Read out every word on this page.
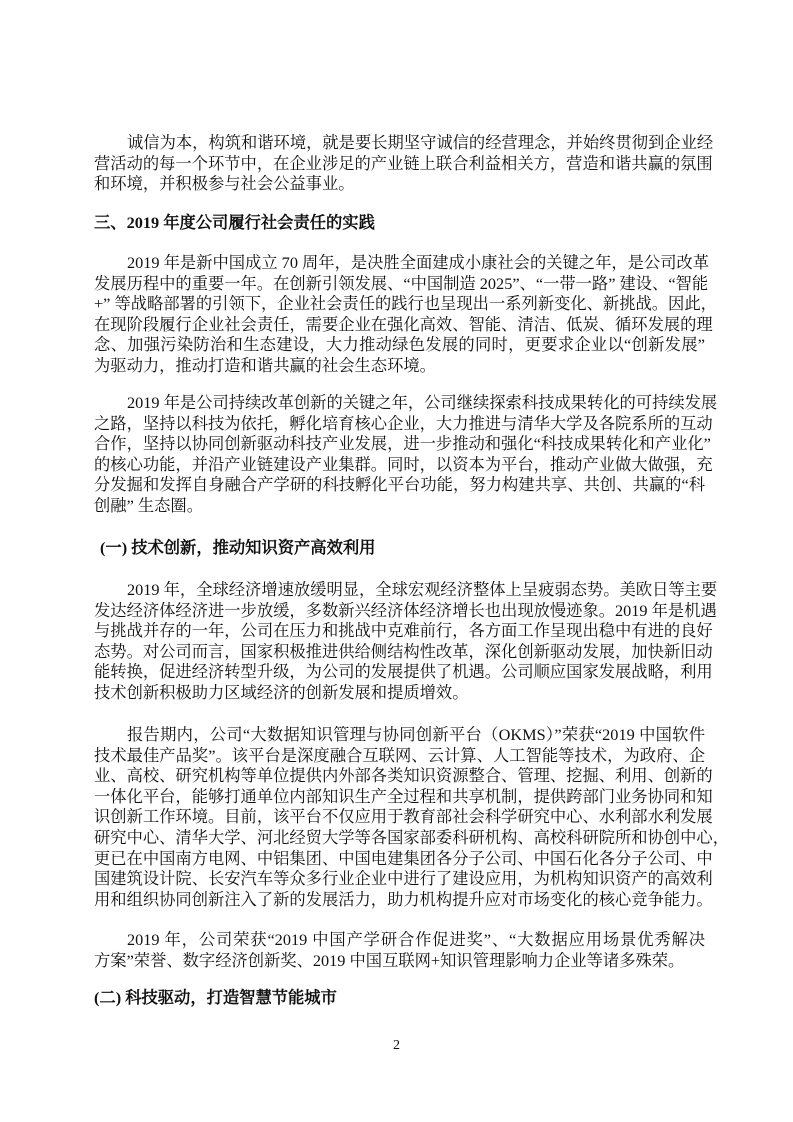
诚信为本，构筑和谐环境，就是要长期坚守诚信的经营理念，并始终贯彻到企业经
营活动的每一个环节中，在企业涉足的产业链上联合利益相关方，营造和谐共赢的氛围
和环境，并积极参与社会公益事业。
三、2019 年度公司履行社会责任的实践
2019 年是新中国成立 70 周年，是决胜全面建成小康社会的关键之年，是公司改革
发展历程中的重要一年。在创新引领发展、“中国制造 2025”、“一带一路” 建设、“智能
+” 等战略部署的引领下，企业社会责任的践行也呈现出一系列新变化、新挑战。因此，
在现阶段履行企业社会责任，需要企业在强化高效、智能、清洁、低炭、循环发展的理
念、加强污染防治和生态建设，大力推动绿色发展的同时，更要求企业以“创新发展”
为驱动力，推动打造和谐共赢的社会生态环境。
2019 年是公司持续改革创新的关键之年，公司继续探索科技成果转化的可持续发展
之路，坚持以科技为依托，孵化培育核心企业，大力推进与清华大学及各院系所的互动
合作，坚持以协同创新驱动科技产业发展，进一步推动和强化“科技成果转化和产业化”
的核心功能，并沿产业链建设产业集群。同时，以资本为平台，推动产业做大做强，充
分发掘和发挥自身融合产学研的科技孵化平台功能，努力构建共享、共创、共赢的“科
创融” 生态圈。
(一) 技术创新，推动知识资产高效利用
2019 年，全球经济增速放缓明显，全球宏观经济整体上呈疲弱态势。美欧日等主要
发达经济体经济进一步放缓，多数新兴经济体经济增长也出现放慢迹象。2019 年是机遇
与挑战并存的一年，公司在压力和挑战中克难前行，各方面工作呈现出稳中有进的良好
态势。对公司而言，国家积极推进供给侧结构性改革，深化创新驱动发展，加快新旧动
能转换，促进经济转型升级，为公司的发展提供了机遇。公司顺应国家发展战略，利用
技术创新积极助力区域经济的创新发展和提质增效。
报告期内，公司“大数据知识管理与协同创新平台（OKMS）”荣获“2019 中国软件
技术最佳产品奖”。该平台是深度融合互联网、云计算、人工智能等技术，为政府、企
业、高校、研究机构等单位提供内外部各类知识资源整合、管理、挖掘、利用、创新的
一体化平台，能够打通单位内部知识生产全过程和共享机制，提供跨部门业务协同和知
识创新工作环境。目前，该平台不仅应用于教育部社会科学研究中心、水利部水利发展
研究中心、清华大学、河北经贸大学等各国家部委科研机构、高校科研院所和协创中心，
更已在中国南方电网、中铝集团、中国电建集团各分子公司、中国石化各分子公司、中
国建筑设计院、长安汽车等众多行业企业中进行了建设应用，为机构知识资产的高效利
用和组织协同创新注入了新的发展活力，助力机构提升应对市场变化的核心竞争能力。
2019 年，公司荣获“2019 中国产学研合作促进奖”、“大数据应用场景优秀解决
方案”荣誉、数字经济创新奖、2019 中国互联网+知识管理影响力企业等诸多殊荣。
(二) 科技驱动，打造智慧节能城市
2
